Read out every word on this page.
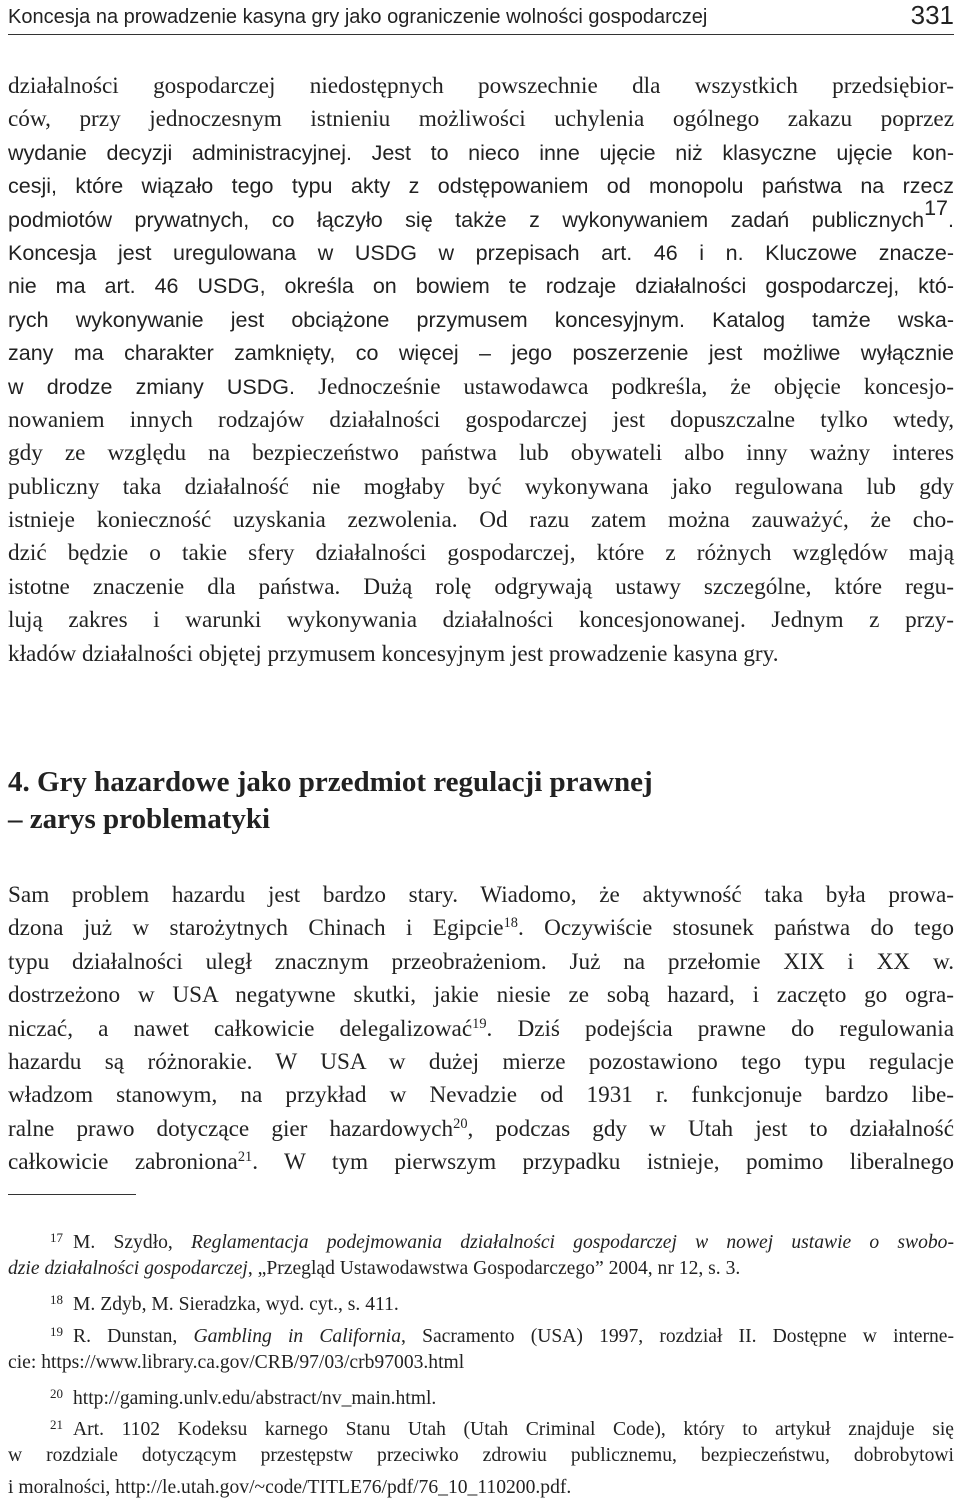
Koncesja na prowadzenie kasyna gry jako ograniczenie wolności gospodarczej	331
działalności gospodarczej niedostępnych powszechnie dla wszystkich przedsiębior-
ców, przy jednoczesnym istnieniu możliwości uchylenia ogólnego zakazu poprzez
wydanie decyzji administracyjnej. Jest to nieco inne ujęcie niż klasyczne ujęcie kon-
cesji, które wiązało tego typu akty z odstępowaniem od monopolu państwa na rzecz
podmiotów prywatnych, co łączyło się także z wykonywaniem zadań publicznych$^{17}$.
Koncesja jest uregulowana w USDG w przepisach art. 46 i n. Kluczowe znacze-
nie ma art. 46 USDG, określa on bowiem te rodzaje działalności gospodarczej, któ-
rych wykonywanie jest obciążone przymusem koncesyjnym. Katalog tamże wska-
zany ma charakter zamknięty, co więcej – jego poszerzenie jest możliwe wyłącznie
w drodze zmiany USDG. Jednocześnie ustawodawca podkreśla, że objęcie koncesjo-
nowaniem innych rodzajów działalności gospodarczej jest dopuszczalne tylko wtedy,
gdy ze względu na bezpieczeństwo państwa lub obywateli albo inny ważny interes
publiczny taka działalność nie mogłaby być wykonywana jako regulowana lub gdy
istnieje konieczność uzyskania zezwolenia. Od razu zatem można zauważyć, że cho-
dzić będzie o takie sfery działalności gospodarczej, które z różnych względów mają
istotne znaczenie dla państwa. Dużą rolę odgrywają ustawy szczególne, które regu-
lują zakres i warunki wykonywania działalności koncesjonowanej. Jednym z przy-
kładów działalności objętej przymusem koncesyjnym jest prowadzenie kasyna gry.
4. Gry hazardowe jako przedmiot regulacji prawnej
– zarys problematyki
Sam problem hazardu jest bardzo stary. Wiadomo, że aktywność taka była prowa-
dzona już w starożytnych Chinach i Egipcie$^{18}$. Oczywiście stosunek państwa do tego
typu działalności uległ znacznym przeobrażeniom. Już na przełomie XIX i XX w.
dostrzeżono w USA negatywne skutki, jakie niesie ze sobą hazard, i zaczęto go ogra-
niczać, a nawet całkowicie delegalizować$^{19}$. Dziś podejścia prawne do regulowania
hazardu są różnorakie. W USA w dużej mierze pozostawiono tego typu regulacje
władzom stanowym, na przykład w Nevadzie od 1931 r. funkcjonuje bardzo libe-
ralne prawo dotyczące gier hazardowych$^{20}$, podczas gdy w Utah jest to działalność
całkowicie zabroniona$^{21}$. W tym pierwszym przypadku istnieje, pomimo liberalnego
$^{17}$ M. Szydło, Reglamentacja podejmowania działalności gospodarczej w nowej ustawie o swobo-
dzie działalności gospodarczej, „Przegląd Ustawodawstwa Gospodarczego” 2004, nr 12, s. 3.
$^{18}$ M. Zdyb, M. Sieradzka, wyd. cyt., s. 411.
$^{19}$ R. Dunstan, Gambling in California, Sacramento (USA) 1997, rozdział II. Dostępne w interne-
cie: https://www.library.ca.gov/CRB/97/03/crb97003.html
$^{20}$ http://gaming.unlv.edu/abstract/nv_main.html.
$^{21}$ Art. 1102 Kodeksu karnego Stanu Utah (Utah Criminal Code), który to artykuł znajduje się
w rozdziale dotyczącym przestępstw przeciwko zdrowiu publicznemu, bezpieczeństwu, dobrobytowi
i moralności, http://le.utah.gov/~code/TITLE76/pdf/76_10_110200.pdf.
